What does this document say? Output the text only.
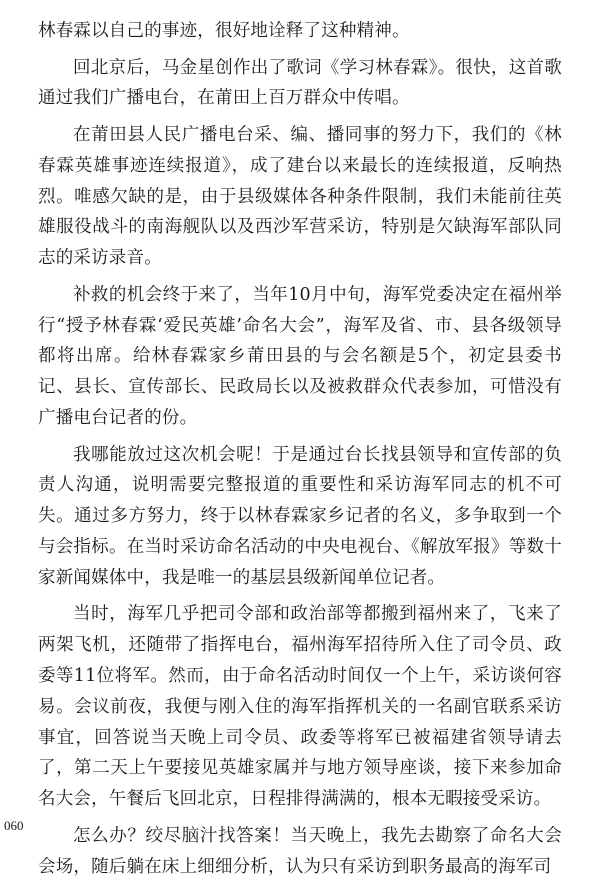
林春霖以自己的事迹，很好地诠释了这种精神。

回北京后，马金星创作出了歌词《学习林春霖》。很快，这首歌通过我们广播电台，在莆田上百万群众中传唱。

在莆田县人民广播电台采、编、播同事的努力下，我们的《林春霖英雄事迹连续报道》，成了建台以来最长的连续报道，反响热烈。唯感欠缺的是，由于县级媒体各种条件限制，我们未能前往英雄服役战斗的南海舰队以及西沙军营采访，特别是欠缺海军部队同志的采访录音。

补救的机会终于来了，当年10月中旬，海军党委决定在福州举行“授予林春霖‘爱民英雄’命名大会”，海军及省、市、县各级领导都将出席。给林春霖家乡莆田县的与会名额是5个，初定县委书记、县长、宣传部长、民政局长以及被救群众代表参加，可惜没有广播电台记者的份。

我哪能放过这次机会呢！于是通过台长找县领导和宣传部的负责人沟通，说明需要完整报道的重要性和采访海军同志的机不可失。通过多方努力，终于以林春霖家乡记者的名义，多争取到一个与会指标。在当时采访命名活动的中央电视台、《解放军报》等数十家新闻媒体中，我是唯一的基层县级新闻单位记者。

当时，海军几乎把司令部和政治部等都搬到福州来了，飞来了两架飞机，还随带了指挥电台，福州海军招待所入住了司令员、政委等11位将军。然而，由于命名活动时间仅一个上午，采访谈何容易。会议前夜，我便与刚入住的海军指挥机关的一名副官联系采访事宜，回答说当天晚上司令员、政委等将军已被福建省领导请去了，第二天上午要接见英雄家属并与地方领导座谈，接下来参加命名大会，午餐后飞回北京，日程排得满满的，根本无暇接受采访。

怎么办？绞尽脑汁找答案！当天晚上，我先去勘察了命名大会会场，随后躺在床上细细分析，认为只有采访到职务最高的海军司

060
